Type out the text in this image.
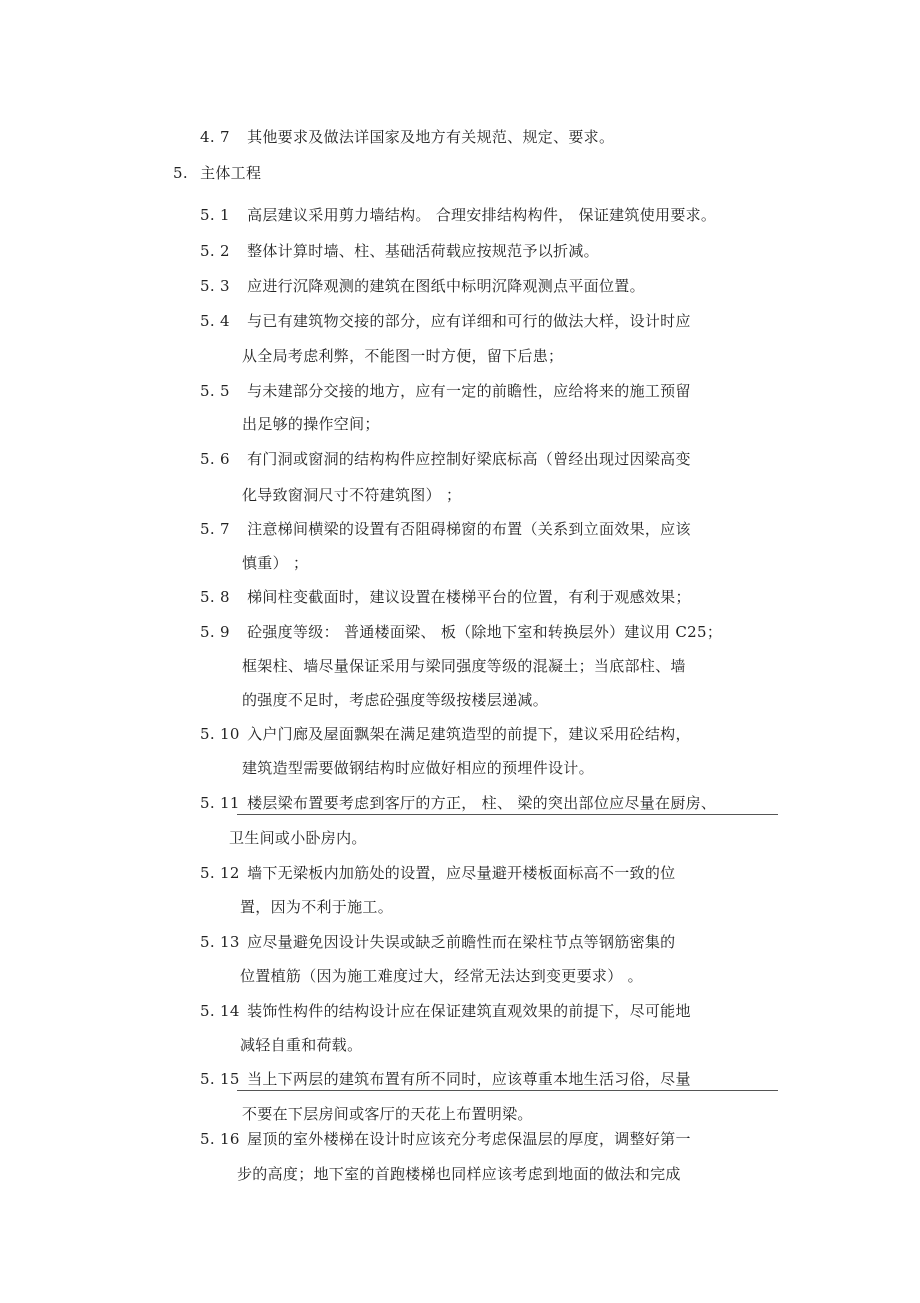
4. 7 其他要求及做法详国家及地方有关规范、规定、要求。
5. 主体工程
5. 1 高层建议采用剪力墙结构。 合理安排结构构件， 保证建筑使用要求。
5. 2 整体计算时墙、柱、基础活荷载应按规范予以折减。
5. 3 应进行沉降观测的建筑在图纸中标明沉降观测点平面位置。
5. 4 与已有建筑物交接的部分，应有详细和可行的做法大样，设计时应
从全局考虑利弊，不能图一时方便，留下后患；
5. 5 与未建部分交接的地方，应有一定的前瞻性，应给将来的施工预留
出足够的操作空间；
5. 6 有门洞或窗洞的结构构件应控制好梁底标高（曾经出现过因梁高变
化导致窗洞尺寸不符建筑图） ；
5. 7 注意梯间横梁的设置有否阻碍梯窗的布置（关系到立面效果，应该
慎重） ；
5. 8 梯间柱变截面时，建议设置在楼梯平台的位置，有利于观感效果；
5. 9 砼强度等级： 普通楼面梁、 板（除地下室和转换层外）建议用 C25；
框架柱、墙尽量保证采用与梁同强度等级的混凝土；当底部柱、墙
的强度不足时，考虑砼强度等级按楼层递减。
5. 10 入户门廊及屋面飘架在满足建筑造型的前提下，建议采用砼结构，
建筑造型需要做钢结构时应做好相应的预埋件设计。
5. 11 楼层梁布置要考虑到客厅的方正， 柱、 梁的突出部位应尽量在厨房、
卫生间或小卧房内。
5. 12 墙下无梁板内加筋处的设置，应尽量避开楼板面标高不一致的位
置，因为不利于施工。
5. 13 应尽量避免因设计失误或缺乏前瞻性而在梁柱节点等钢筋密集的
位置植筋（因为施工难度过大，经常无法达到变更要求） 。
5. 14 装饰性构件的结构设计应在保证建筑直观效果的前提下，尽可能地
减轻自重和荷载。
5. 15 当上下两层的建筑布置有所不同时，应该尊重本地生活习俗，尽量
不要在下层房间或客厅的天花上布置明梁。
5. 16 屋顶的室外楼梯在设计时应该充分考虑保温层的厚度，调整好第一
步的高度；地下室的首跑楼梯也同样应该考虑到地面的做法和完成
